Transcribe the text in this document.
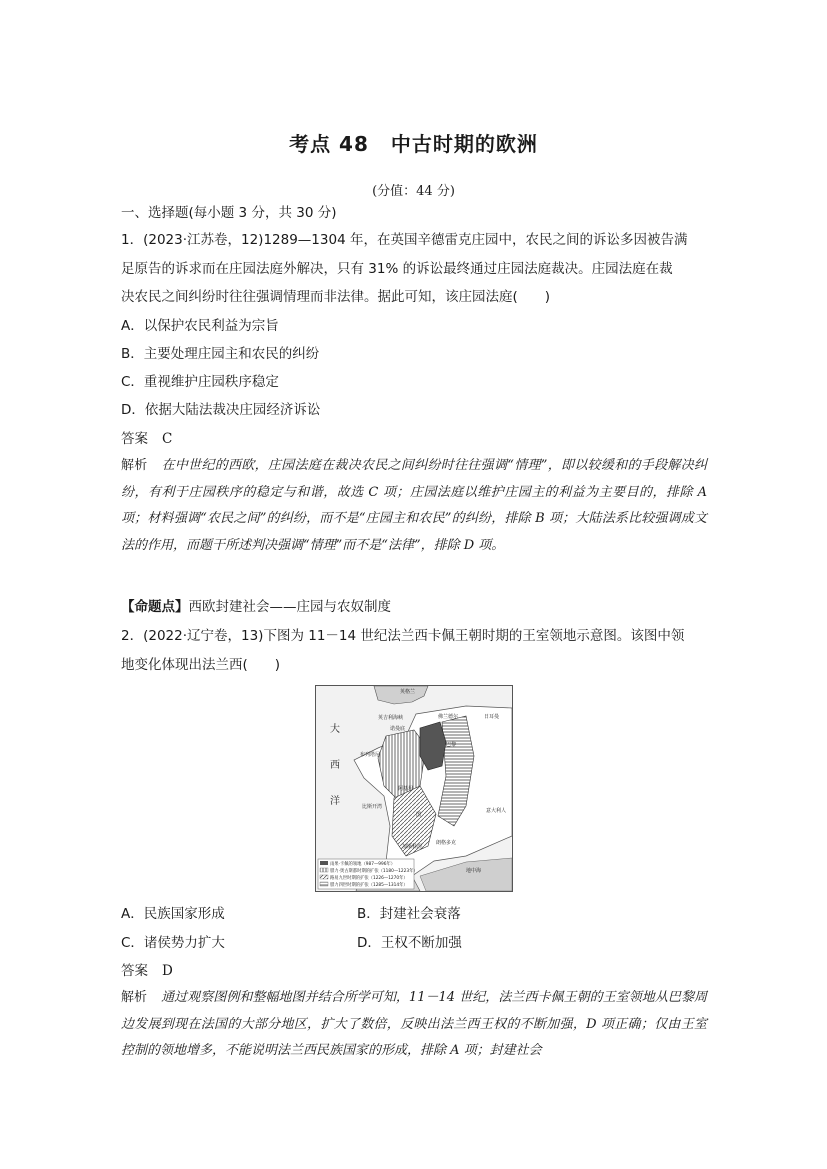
考点 48 中古时期的欧洲
(分值：44 分)
一、选择题(每小题 3 分，共 30 分)
1．(2023·江苏卷，12)1289—1304 年，在英国辛德雷克庄园中，农民之间的诉讼多因被告满
足原告的诉求而在庄园法庭外解决，只有 31% 的诉讼最终通过庄园法庭裁决。庄园法庭在裁
决农民之间纠纷时往往强调情理而非法律。据此可知，该庄园法庭(　　)
A．以保护农民利益为宗旨
B．主要处理庄园主和农民的纠纷
C．重视维护庄园秩序稳定
D．依据大陆法裁决庄园经济诉讼
答案 C
解析 在中世纪的西欧，庄园法庭在裁决农民之间纠纷时往往强调“情理”，即以较缓和的手段解决纠纷，有利于庄园秩序的稳定与和谐，故选 C 项；庄园法庭以维护庄园主的利益为主要目的，排除 A 项；材料强调“农民之间”的纠纷，而不是“庄园主和农民”的纠纷，排除 B 项；大陆法系比较强调成文法的作用，而题干所述判决强调“情理”而不是“法律”，排除 D 项。
【命题点】西欧封建社会——庄园与农奴制度
2．(2022·辽宁卷，13)下图为 11－14 世纪法兰西卡佩王朝时期的王室领地示意图。该图中领
地变化体现出法兰西(　　)
英格兰
大
西
洋
英吉利海峡
诺曼底
布列塔尼
佛兰德尔	日耳曼
巴黎
比斯开湾
阿基坦
图
加斯科涅
朗格多克
意大利人
地中海
雨果·卡佩的领地（987—996年）
腓力·奥古斯都时期的扩张（1180—1223年）
路易九世时期的扩张（1226—1270年）
腓力四世时期的扩张（1285—1314年）
A．民族国家形成	B．封建社会衰落
C．诸侯势力扩大	D．王权不断加强
答案 D
解析 通过观察图例和整幅地图并结合所学可知，11－14 世纪，法兰西卡佩王朝的王室领地从巴黎周边发展到现在法国的大部分地区，扩大了数倍，反映出法兰西王权的不断加强，D 项正确；仅由王室控制的领地增多，不能说明法兰西民族国家的形成，排除 A 项；封建社会
